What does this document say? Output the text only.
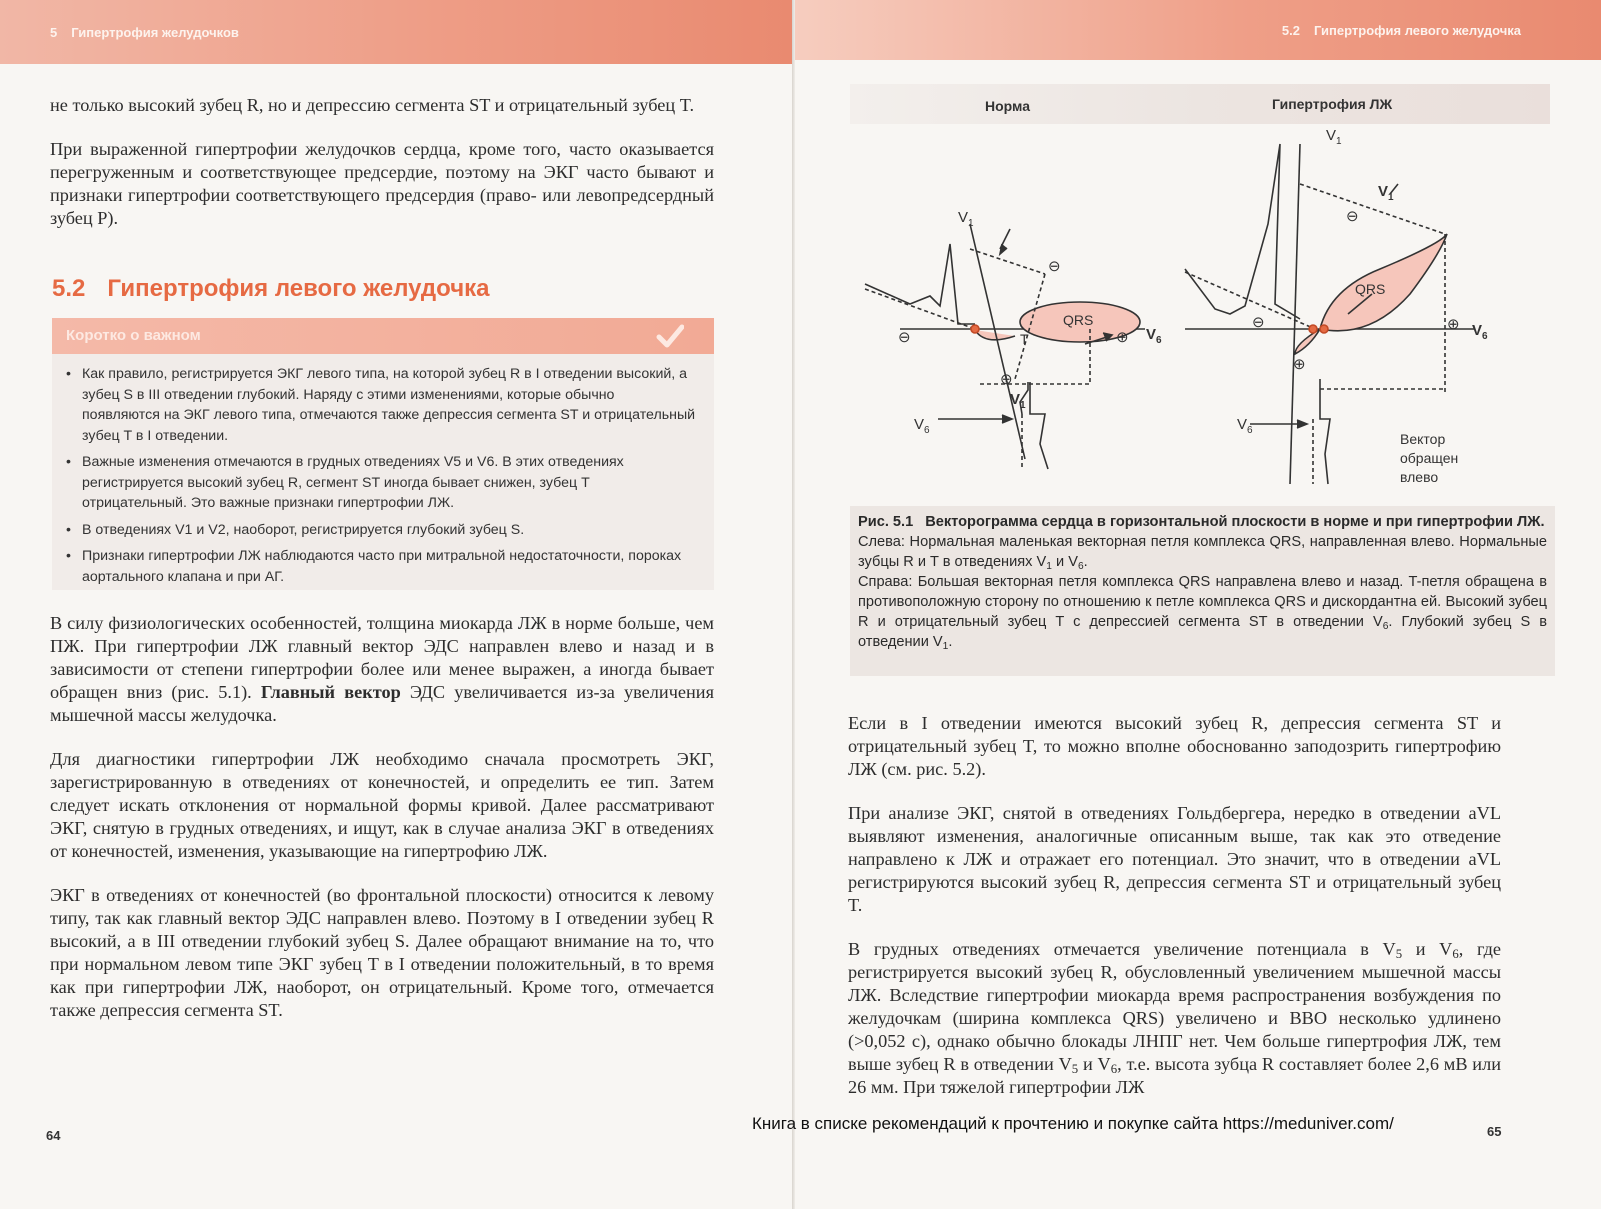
5 Гипертрофия желудочков

не только высокий зубец R, но и депрессию сегмента ST и отрицательный зубец T.

При выраженной гипертрофии желудочков сердца, кроме того, часто оказывается перегруженным и соответствующее предсердие, поэтому на ЭКГ часто бывают и признаки гипертрофии соответствующего предсердия (право- или левопредсердный зубец P).

5.2 Гипертрофия левого желудочка
Коротко о важном
• Как правило, регистрируется ЭКГ левого типа, на которой зубец R в I отведении высокий, а зубец S в III отведении глубокий. Наряду с этими изменениями, которые обычно появляются на ЭКГ левого типа, отмечаются также депрессия сегмента ST и отрицательный зубец T в I отведении.
• Важные изменения отмечаются в грудных отведениях V5 и V6. В этих отведениях регистрируется высокий зубец R, сегмент ST иногда бывает снижен, зубец T отрицательный. Это важные признаки гипертрофии ЛЖ.
• В отведениях V1 и V2, наоборот, регистрируется глубокий зубец S.
• Признаки гипертрофии ЛЖ наблюдаются часто при митральной недостаточности, пороках аортального клапана и при АГ.

В силу физиологических особенностей, толщина миокарда ЛЖ в норме больше, чем ПЖ. При гипертрофии ЛЖ главный вектор ЭДС направлен влево и назад и в зависимости от степени гипертрофии более или менее выражен, а иногда бывает обращен вниз (рис. 5.1). Главный вектор ЭДС увеличивается из-за увеличения мышечной массы желудочка.

Для диагностики гипертрофии ЛЖ необходимо сначала просмотреть ЭКГ, зарегистрированную в отведениях от конечностей, и определить ее тип. Затем следует искать отклонения от нормальной формы кривой. Далее рассматривают ЭКГ, снятую в грудных отведениях, и ищут, как в случае анализа ЭКГ в отведениях от конечностей, изменения, указывающие на гипертрофию ЛЖ.

ЭКГ в отведениях от конечностей (во фронтальной плоскости) относится к левому типу, так как главный вектор ЭДС направлен влево. Поэтому в I отведении зубец R высокий, а в III отведении глубокий зубец S. Далее обращают внимание на то, что при нормальном левом типе ЭКГ зубец T в I отведении положительный, в то время как при гипертрофии ЛЖ, наоборот, он отрицательный. Кроме того, отмечается также депрессия сегмента ST.

64
5.2 Гипертрофия левого желудочка
Норма	Гипертрофия ЛЖ
$V_1$
$V_6$
$V_1$
$V_6$
QRS
T
⊖
⊖	⊕
⊕
$V_1$
$V_1$
$V_6$
$V_6$
QRS
⊖
⊖	⊕
⊕
Вектор
обращен
влево
Рис. 5.1 Векторограмма сердца в горизонтальной плоскости в норме и при гипертрофии ЛЖ.
Слева: Нормальная маленькая векторная петля комплекса QRS, направленная влево. Нормальные зубцы R и T в отведениях $V_1$ и $V_6$.
Справа: Большая векторная петля комплекса QRS направлена влево и назад. T-петля обращена в противоположную сторону по отношению к петле комплекса QRS и дискордантна ей. Высокий зубец R и отрицательный зубец T с депрессией сегмента ST в отведении $V_6$. Глубокий зубец S в отведении $V_1$.

Если в I отведении имеются высокий зубец R, депрессия сегмента ST и отрицательный зубец T, то можно вполне обоснованно заподозрить гипертрофию ЛЖ (см. рис. 5.2).

При анализе ЭКГ, снятой в отведениях Гольдбергера, нередко в отведении aVL выявляют изменения, аналогичные описанным выше, так как это отведение направлено к ЛЖ и отражает его потенциал. Это значит, что в отведении aVL регистрируются высокий зубец R, депрессия сегмента ST и отрицательный зубец T.

В грудных отведениях отмечается увеличение потенциала в $V_5$ и $V_6$, где регистрируется высокий зубец R, обусловленный увеличением мышечной массы ЛЖ. Вследствие гипертрофии миокарда время распространения возбуждения по желудочкам (ширина комплекса QRS) увеличено и ВВО несколько удлинено (>0,052 с), однако обычно блокады ЛНПГ нет. Чем больше гипертрофия ЛЖ, тем выше зубец R в отведении $V_5$ и $V_6$, т.е. высота зубца R составляет более 2,6 мВ или 26 мм. При тяжелой гипертрофии ЛЖ

65
Книга в списке рекомендаций к прочтению и покупке сайта https://meduniver.com/
